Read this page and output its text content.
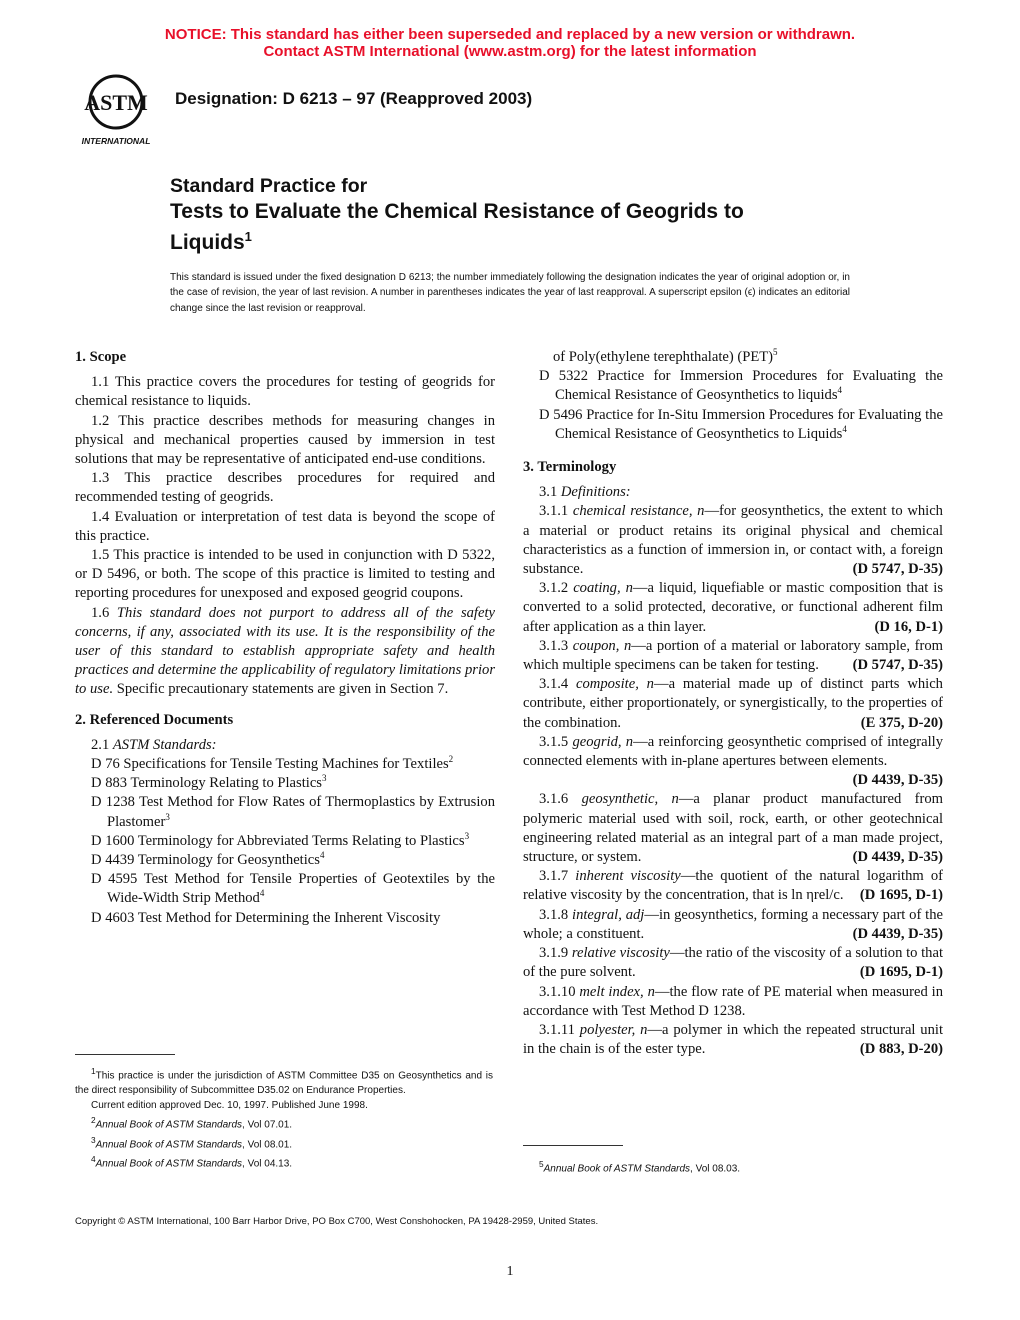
NOTICE: This standard has either been superseded and replaced by a new version or withdrawn.
Contact ASTM International (www.astm.org) for the latest information
ASTM
INTERNATIONAL
Designation: D 6213 – 97 (Reapproved 2003)
Standard Practice for
Tests to Evaluate the Chemical Resistance of Geogrids to
Liquids$^1$
This standard is issued under the fixed designation D 6213; the number immediately following the designation indicates the year of original adoption or, in the case of revision, the year of last revision. A number in parentheses indicates the year of last reapproval. A superscript epsilon (ϵ) indicates an editorial change since the last revision or reapproval.

1. Scope

1.1 This practice covers the procedures for testing of geogrids for chemical resistance to liquids.

1.2 This practice describes methods for measuring changes in physical and mechanical properties caused by immersion in test solutions that may be representative of anticipated end-use conditions.

1.3 This practice describes procedures for required and recommended testing of geogrids.

1.4 Evaluation or interpretation of test data is beyond the scope of this practice.

1.5 This practice is intended to be used in conjunction with D 5322, or D 5496, or both. The scope of this practice is limited to testing and reporting procedures for unexposed and exposed geogrid coupons.

1.6 This standard does not purport to address all of the safety concerns, if any, associated with its use. It is the responsibility of the user of this standard to establish appropriate safety and health practices and determine the applicability of regulatory limitations prior to use. Specific precautionary statements are given in Section 7.

2. Referenced Documents

2.1 ASTM Standards:

D 76 Specifications for Tensile Testing Machines for Textiles$^2$

D 883 Terminology Relating to Plastics$^3$

D 1238 Test Method for Flow Rates of Thermoplastics by Extrusion Plastomer$^3$

D 1600 Terminology for Abbreviated Terms Relating to Plastics$^3$

D 4439 Terminology for Geosynthetics$^4$

D 4595 Test Method for Tensile Properties of Geotextiles by the Wide-Width Strip Method$^4$

D 4603 Test Method for Determining the Inherent Viscosity

of Poly(ethylene terephthalate) (PET)$^5$

D 5322 Practice for Immersion Procedures for Evaluating the Chemical Resistance of Geosynthetics to liquids$^4$

D 5496 Practice for In-Situ Immersion Procedures for Evaluating the Chemical Resistance of Geosynthetics to Liquids$^4$

3. Terminology

3.1 Definitions:

3.1.1 chemical resistance, n—for geosynthetics, the extent to which a material or product retains its original physical and chemical characteristics as a function of immersion in, or contact with, a foreign substance.	(D 5747, D-35)

3.1.2 coating, n—a liquid, liquefiable or mastic composition that is converted to a solid protected, decorative, or functional adherent film after application as a thin layer.	(D 16, D-1)

3.1.3 coupon, n—a portion of a material or laboratory sample, from which multiple specimens can be taken for testing. (D 5747, D-35)

3.1.4 composite, n—a material made up of distinct parts which contribute, either proportionately, or synergistically, to the properties of the combination.	(E 375, D-20)

3.1.5 geogrid, n—a reinforcing geosynthetic comprised of integrally connected elements with in-plane apertures between elements.
(D 4439, D-35)

3.1.6 geosynthetic, n—a planar product manufactured from polymeric material used with soil, rock, earth, or other geotechnical engineering related material as an integral part of a man made project, structure, or system.	(D 4439, D-35)

3.1.7 inherent viscosity—the quotient of the natural logarithm of relative viscosity by the concentration, that is ln ηrel/c. (D 1695, D-1)

3.1.8 integral, adj—in geosynthetics, forming a necessary part of the whole; a constituent.	(D 4439, D-35)

3.1.9 relative viscosity—the ratio of the viscosity of a solution to that of the pure solvent.	(D 1695, D-1)

3.1.10 melt index, n—the flow rate of PE material when measured in accordance with Test Method D 1238.

3.1.11 polyester, n—a polymer in which the repeated structural unit in the chain is of the ester type.	(D 883, D-20)

$^1$This practice is under the jurisdiction of ASTM Committee D35 on Geosynthetics and is the direct responsibility of Subcommittee D35.02 on Endurance Properties.

Current edition approved Dec. 10, 1997. Published June 1998.

$^2$Annual Book of ASTM Standards, Vol 07.01.

$^3$Annual Book of ASTM Standards, Vol 08.01.

$^4$Annual Book of ASTM Standards, Vol 04.13.	$^5$Annual Book of ASTM Standards, Vol 08.03.

Copyright © ASTM International, 100 Barr Harbor Drive, PO Box C700, West Conshohocken, PA 19428-2959, United States.
1
